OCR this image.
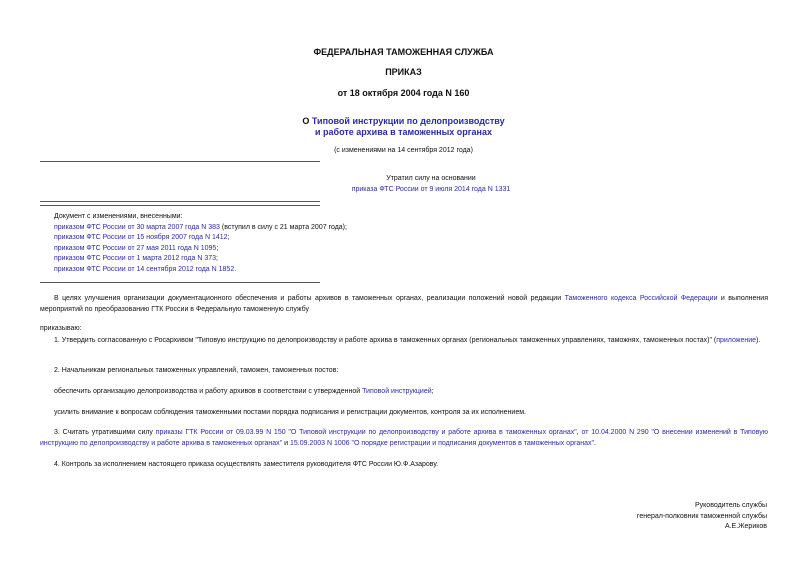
ФЕДЕРАЛЬНАЯ ТАМОЖЕННАЯ СЛУЖБА
ПРИКАЗ
от 18 октября 2004 года N 160
О Типовой инструкции по делопроизводству
и работе архива в таможенных органах
(с изменениями на 14 сентября 2012 года)
Утратил силу на основании
приказа ФТС России от 9 июля 2014 года N 1331
Документ с изменениями, внесенными:
приказом ФТС России от 30 марта 2007 года N 383 (вступил в силу с 21 марта 2007 года);
приказом ФТС России от 15 ноября 2007 года N 1412;
приказом ФТС России от 27 мая 2011 года N 1095;
приказом ФТС России от 1 марта 2012 года N 373;
приказом ФТС России от 14 сентября 2012 года N 1852.
В целях улучшения организации документационного обеспечения и работы архивов в таможенных органах, реализации положений новой редакции Таможенного кодекса Российской Федерации и выполнения мероприятий по преобразованию ГТК России в Федеральную таможенную службу
приказываю:
1. Утвердить согласованную с Росархивом "Типовую инструкцию по делопроизводству и работе архива в таможенных органах (региональных таможенных управлениях, таможнях, таможенных постах)" (приложение).
2. Начальникам региональных таможенных управлений, таможен, таможенных постов:
обеспечить организацию делопроизводства и работу архивов в соответствии с утвержденной Типовой инструкцией;
усилить внимание к вопросам соблюдения таможенными постами порядка подписания и регистрации документов, контроля за их исполнением.
3. Считать утратившими силу приказы ГТК России от 09.03.99 N 150 "О Типовой инструкции по делопроизводству и работе архива в таможенных органах", от 10.04.2000 N 290 "О внесении изменений в Типовую инструкцию по делопроизводству и работе архива в таможенных органах" и 15.09.2003 N 1006 "О порядке регистрации и подписания документов в таможенных органах".
4. Контроль за исполнением настоящего приказа осуществлять заместителя руководителя ФТС России Ю.Ф.Азарову.
Руководитель службы
генерал-полковник таможенной службы
А.Е.Жериков
